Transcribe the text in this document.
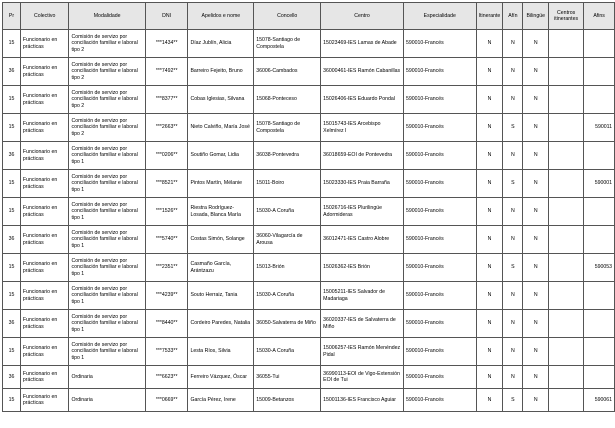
Pr	Colectivo	Modalidade	DNI	Apelidos e nome	Concello	Centro	Especialidade	Itinerante	Afín	Bilingüe	Centros itinerantes	Afins
15	Funcionario en prácticas	Comisión de servizo por conciliación familiar e laboral tipo 2	***1434**	Díaz Jublín, Alicia	15078-Santiago de Compostela	15023469-IES Lamas de Abade	590010-Francés	N	N	N		
36	Funcionario en prácticas	Comisión de servizo por conciliación familiar e laboral tipo 2	***7492**	Barreiro Fejeito, Bruno	36006-Cambados	36000461-IES Ramón Cabanillas	590010-Francés	N	N	N		
15	Funcionario en prácticas	Comisión de servizo por conciliación familiar e laboral tipo 2	***8377**	Cobas Iglesias, Silvana	15068-Ponteceso	15026406-IES Eduardo Pondal	590010-Francés	N	N	N		
15	Funcionario en prácticas	Comisión de servizo por conciliación familiar e laboral tipo 2	***2663**	Nieto Calviño, María José	15078-Santiago de Compostela	15015743-IES Arcebispo Xelmírez I	590010-Francés	N	S	N		590011
36	Funcionario en prácticas	Comisión de servizo por conciliación familiar e laboral tipo 1	***0206**	Soutiño Gomar, Lidia	36038-Pontevedra	36018659-EOI de Pontevedra	590010-Francés	N	N	N		
15	Funcionario en prácticas	Comisión de servizo por conciliación familiar e laboral tipo 1	***8521**	Pintos Martín, Mélanie	15011-Boiro	15023330-IES Praia Barraña	590010-Francés	N	S	N		590001
15	Funcionario en prácticas	Comisión de servizo por conciliación familiar e laboral tipo 1	***1526**	Riestra Rodríguez-Losada, Blanca María	15030-A Coruña	15026716-IES Plurilingüe Adormideras	590010-Francés	N	N	N		
36	Funcionario en prácticas	Comisión de servizo por conciliación familiar e laboral tipo 1	***5740**	Costas Simón, Solange	36060-Vilagarcía de Arousa	36012471-IES Castro Alobre	590010-Francés	N	N	N		
15	Funcionario en prácticas	Comisión de servizo por conciliación familiar e laboral tipo 1	***2351**	Casmaño García, Arántzazu	15013-Brión	15026362-IES Brión	590010-Francés	N	S	N		590053
15	Funcionario en prácticas	Comisión de servizo por conciliación familiar e laboral tipo 1	***4239**	Souto Herraiz, Tania	15030-A Coruña	15005211-IES Salvador de Madariaga	590010-Francés	N	N	N		
36	Funcionario en prácticas	Comisión de servizo por conciliación familiar e laboral tipo 1	***8440**	Cordeiro Paredes, Natalia	36050-Salvaterra de Miño	36020337-IES de Salvaterra de Miño	590010-Francés	N	N	N		
15	Funcionario en prácticas	Comisión de servizo por conciliación familiar e laboral tipo 1	***7533**	Lesta Ríos, Silvia	15030-A Coruña	15006257-IES Ramón Menéndez Pidal	590010-Francés	N	N	N		
36	Funcionario en prácticas	Ordinaria	***6623**	Ferreiro Vázquez, Óscar	36055-Tui	36990113-EOI de Vigo-Extensión EOI de Tui	590010-Francés	N	N	N		
15	Funcionario en prácticas	Ordinaria	***0669**	García Pérez, Irene	15009-Betanzos	15001136-IES Francisco Aguiar	590010-Francés	N	S	N		590061
